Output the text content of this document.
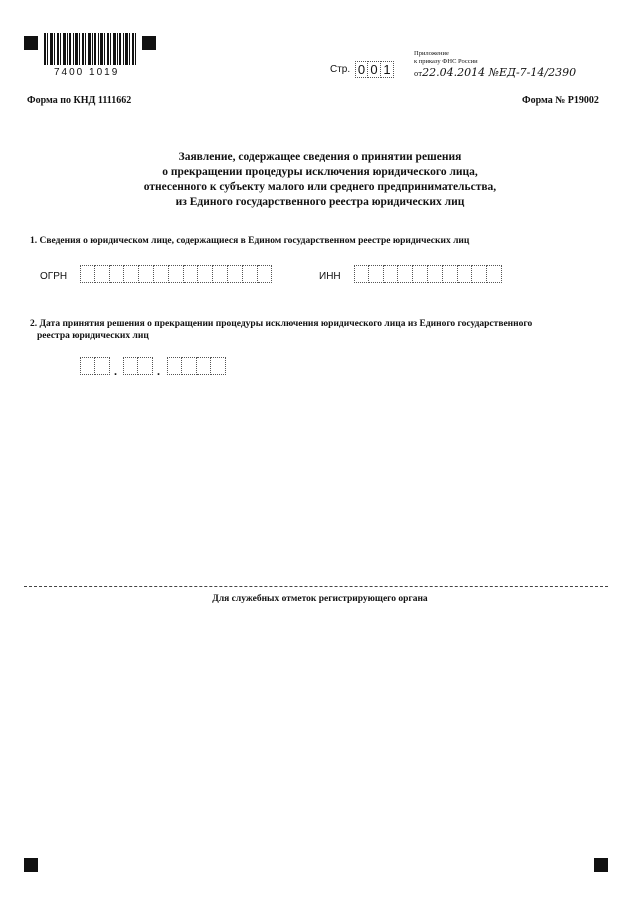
7400 1019	Стр. 0 0 1
Приложение
к приказу ФНС России
от22.04.2014 №ЕД-7-14/2390
Форма по КНД 1111662	Форма № Р19002
Заявление, содержащее сведения о принятии решения
о прекращении процедуры исключения юридического лица,
отнесенного к субъекту малого или среднего предпринимательства,
из Единого государственного реестра юридических лиц
1. Сведения о юридическом лице, содержащиеся в Едином государственном реестре юридических лиц
ОГРН	ИНН
2. Дата принятия решения о прекращении процедуры исключения юридического лица из Единого государственного
реестра юридических лиц
.	.
Для служебных отметок регистрирующего органа
